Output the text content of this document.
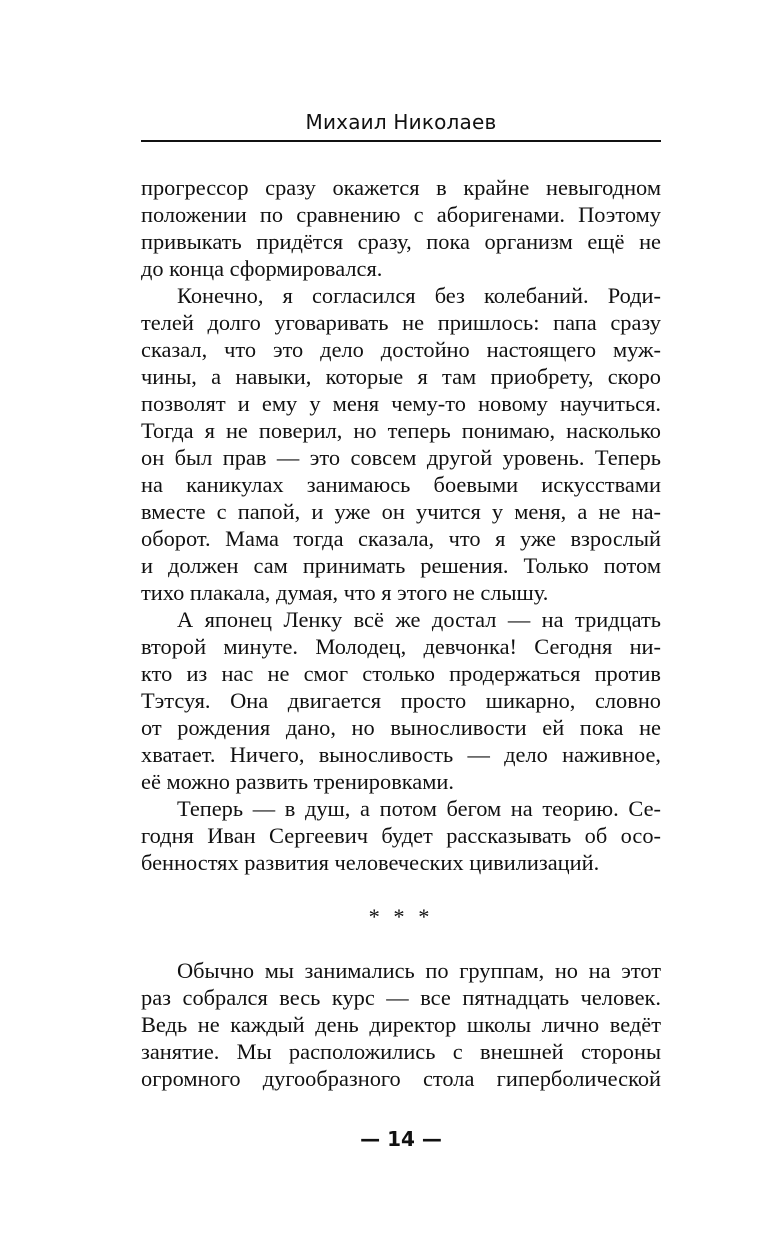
Михаил Николаев
прогрессор сразу окажется в крайне невыгодном
положении по сравнению с аборигенами. Поэтому
привыкать придётся сразу, пока организм ещё не
до конца сформировался.
Конечно, я согласился без колебаний. Роди-
телей долго уговаривать не пришлось: папа сразу
сказал, что это дело достойно настоящего муж-
чины, а навыки, которые я там приобрету, скоро
позволят и ему у меня чему-то новому научиться.
Тогда я не поверил, но теперь понимаю, насколько
он был прав — это совсем другой уровень. Теперь
на каникулах занимаюсь боевыми искусствами
вместе с папой, и уже он учится у меня, а не на-
оборот. Мама тогда сказала, что я уже взрослый
и должен сам принимать решения. Только потом
тихо плакала, думая, что я этого не слышу.
А японец Ленку всё же достал — на тридцать
второй минуте. Молодец, девчонка! Сегодня ни-
кто из нас не смог столько продержаться против
Тэтсуя. Она двигается просто шикарно, словно
от рождения дано, но выносливости ей пока не
хватает. Ничего, выносливость — дело наживное,
её можно развить тренировками.
Теперь — в душ, а потом бегом на теорию. Се-
годня Иван Сергеевич будет рассказывать об осо-
бенностях развития человеческих цивилизаций.
* * *
Обычно мы занимались по группам, но на этот
раз собрался весь курс — все пятнадцать человек.
Ведь не каждый день директор школы лично ведёт
занятие. Мы расположились с внешней стороны
огромного дугообразного стола гиперболической
— 14 —
